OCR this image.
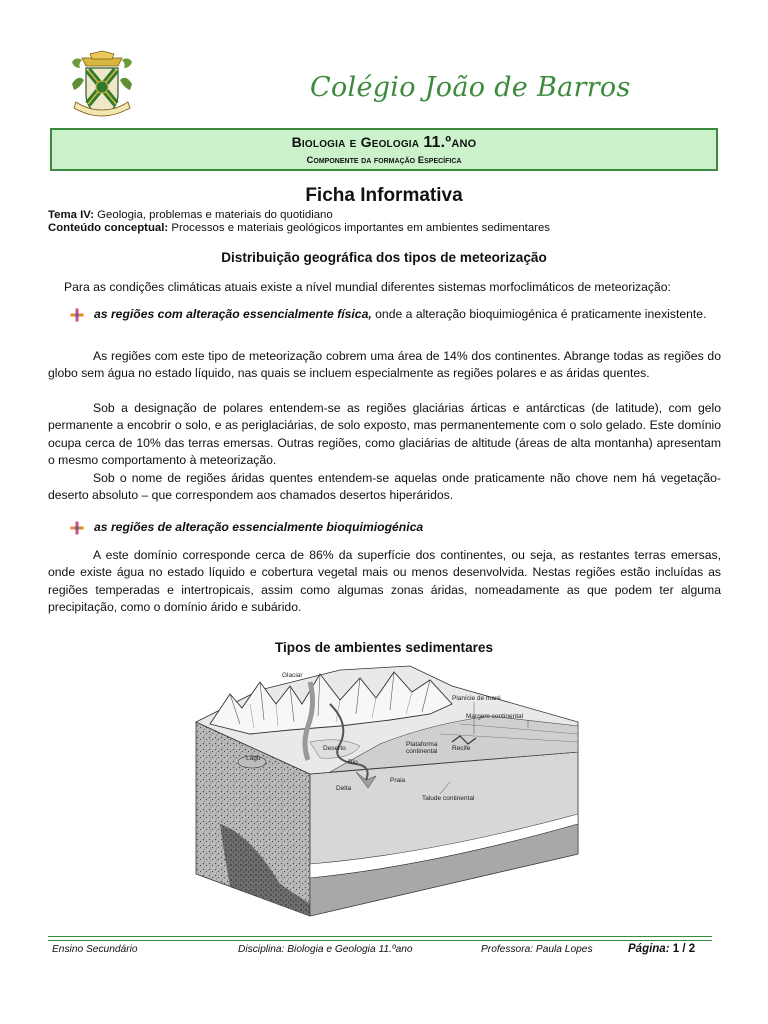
Colégio João de Barros
Biologia e Geologia 11.ºano
Componente da formação Específica
Ficha Informativa
Tema IV: Geologia, problemas e materiais do quotidiano
Conteúdo conceptual: Processos e materiais geológicos importantes em ambientes sedimentares
Distribuição geográfica dos tipos de meteorização
Para as condições climáticas atuais existe a nível mundial diferentes sistemas morfoclimáticos de meteorização:
as regiões com alteração essencialmente física, onde a alteração bioquimiogénica é praticamente inexistente.
As regiões com este tipo de meteorização cobrem uma área de 14% dos continentes. Abrange todas as regiões do globo sem água no estado líquido, nas quais se incluem especialmente as regiões polares e as áridas quentes.
Sob a designação de polares entendem-se as regiões glaciárias árticas e antárcticas (de latitude), com gelo permanente a encobrir o solo, e as periglaciárias, de solo exposto, mas permanentemente com o solo gelado. Este domínio ocupa cerca de 10% das terras emersas. Outras regiões, como glaciárias de altitude (áreas de alta montanha) apresentam o mesmo comportamento à meteorização.
Sob o nome de regiões áridas quentes entendem-se aquelas onde praticamente não chove nem há vegetação- deserto absoluto – que correspondem aos chamados desertos hiperáridos.
as regiões de alteração essencialmente bioquimiogénica
A este domínio corresponde cerca de 86% da superfície dos continentes, ou seja, as restantes terras emersas, onde existe água no estado líquido e cobertura vegetal mais ou menos desenvolvida. Nestas regiões estão incluídas as regiões temperadas e intertropicais, assim como algumas zonas áridas, nomeadamente as que podem ter alguma precipitação, como o domínio árido e subárido.
Tipos de ambientes sedimentares
Glaciar
Planície de maré
Margem continental
Deserto
Plataforma
continental Recife
Lago
Rio
Praia
Delta
Talude continental
Ensino Secundário	Disciplina: Biologia e Geologia 11.ºano	Professora: Paula Lopes	Página: 1 / 2
